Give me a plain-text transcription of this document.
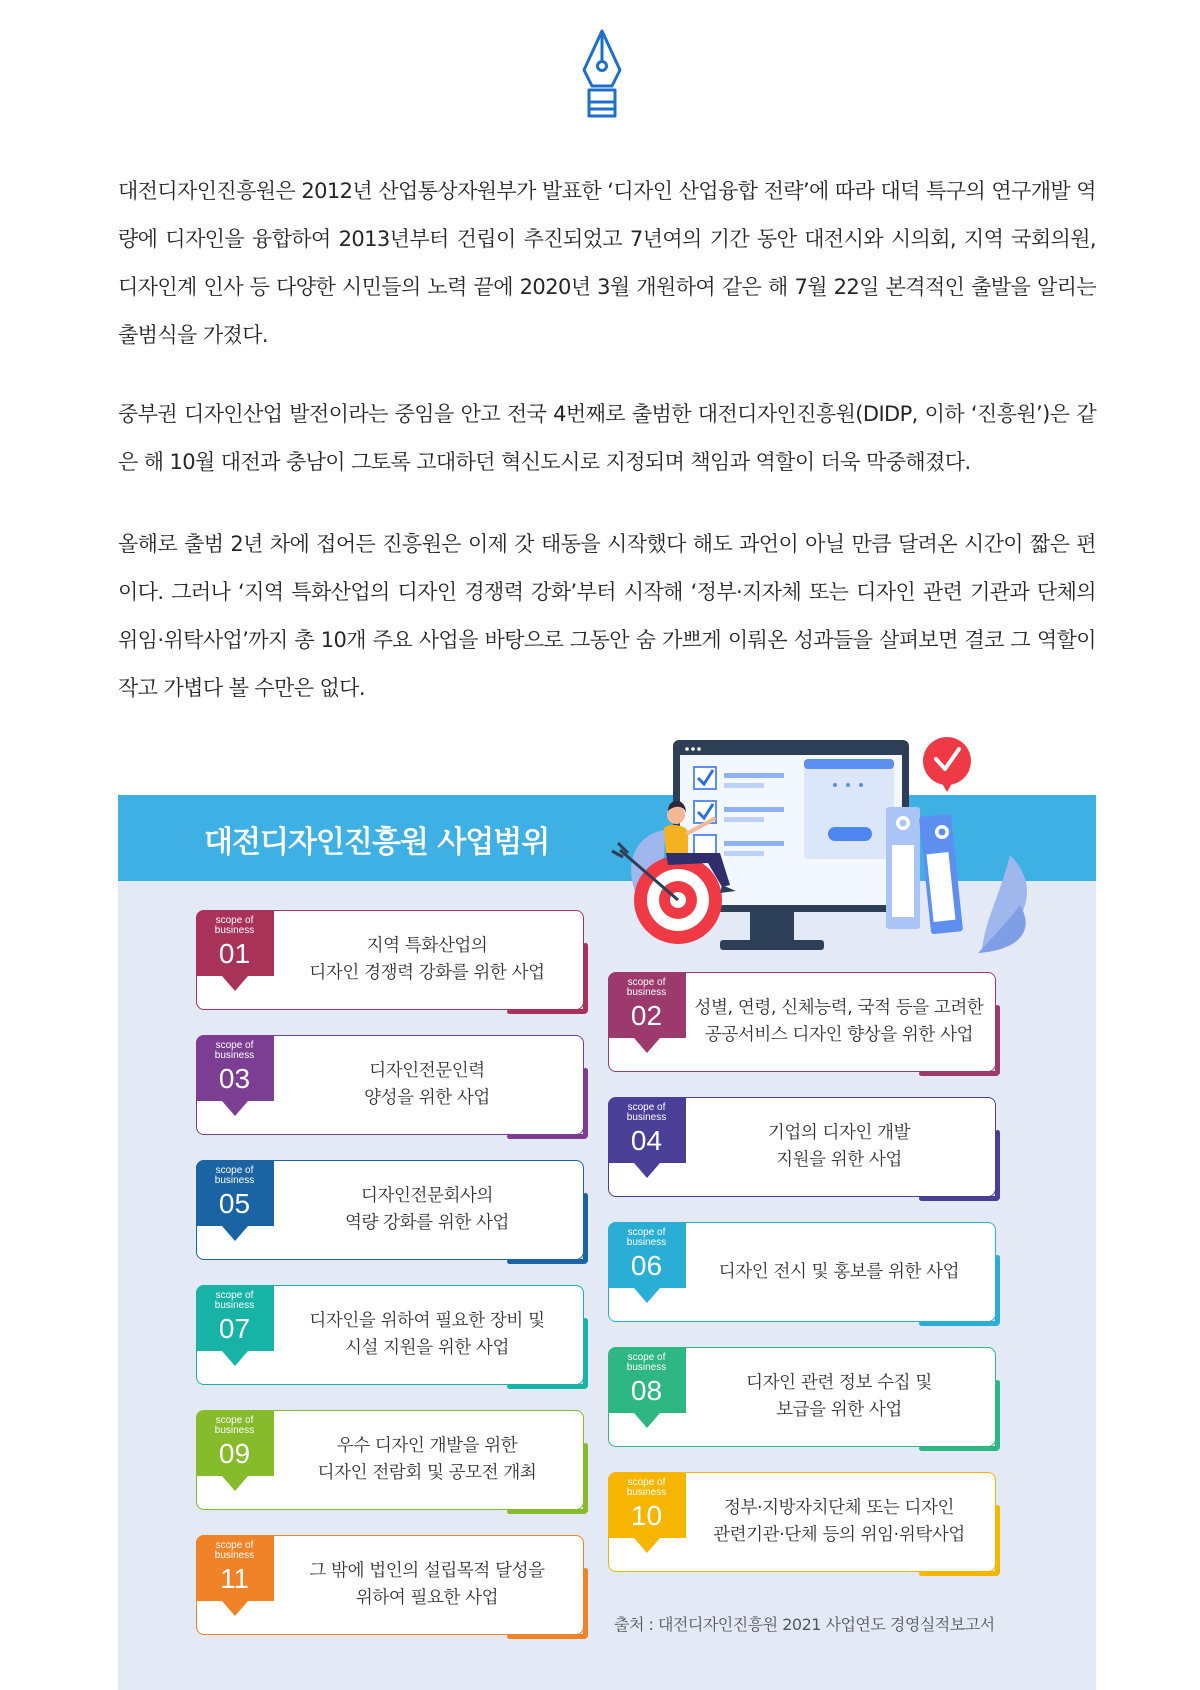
대전디자인진흥원은 2012년 산업통상자원부가 발표한 ‘디자인 산업융합 전략’에 따라 대덕 특구의 연구개발 역량에 디자인을 융합하여 2013년부터 건립이 추진되었고 7년여의 기간 동안 대전시와 시의회, 지역 국회의원, 디자인계 인사 등 다양한 시민들의 노력 끝에 2020년 3월 개원하여 같은 해 7월 22일 본격적인 출발을 알리는 출범식을 가졌다.

중부권 디자인산업 발전이라는 중임을 안고 전국 4번째로 출범한 대전디자인진흥원(DIDP, 이하 ‘진흥원’)은 같은 해 10월 대전과 충남이 그토록 고대하던 혁신도시로 지정되며 책임과 역할이 더욱 막중해졌다.

올해로 출범 2년 차에 접어든 진흥원은 이제 갓 태동을 시작했다 해도 과언이 아닐 만큼 달려온 시간이 짧은 편이다. 그러나 ‘지역 특화산업의 디자인 경쟁력 강화’부터 시작해 ‘정부·지자체 또는 디자인 관련 기관과 단체의 위임·위탁사업’까지 총 10개 주요 사업을 바탕으로 그동안 숨 가쁘게 이뤄온 성과들을 살펴보면 결코 그 역할이 작고 가볍다 볼 수만은 없다.

대전디자인진흥원 사업범위
scope of
business
01	지역 특화산업의
디자인 경쟁력 강화를 위한 사업
scope of
business
03	디자인전문인력
양성을 위한 사업
scope of
business
05	디자인전문회사의
역량 강화를 위한 사업
scope of
business
07	디자인을 위하여 필요한 장비 및
시설 지원을 위한 사업
scope of
business
09	우수 디자인 개발을 위한
디자인 전람회 및 공모전 개최
scope of
business
11	그 밖에 법인의 설립목적 달성을
위하여 필요한 사업
scope of
business
02	성별, 연령, 신체능력, 국적 등을 고려한
공공서비스 디자인 향상을 위한 사업
scope of
business
04	기업의 디자인 개발
지원을 위한 사업
scope of
business
06	디자인 전시 및 홍보를 위한 사업
scope of
business
08	디자인 관련 정보 수집 및
보급을 위한 사업
scope of
business
10	정부·지방자치단체 또는 디자인
관련기관·단체 등의 위임·위탁사업
출처 : 대전디자인진흥원 2021 사업연도 경영실적보고서
